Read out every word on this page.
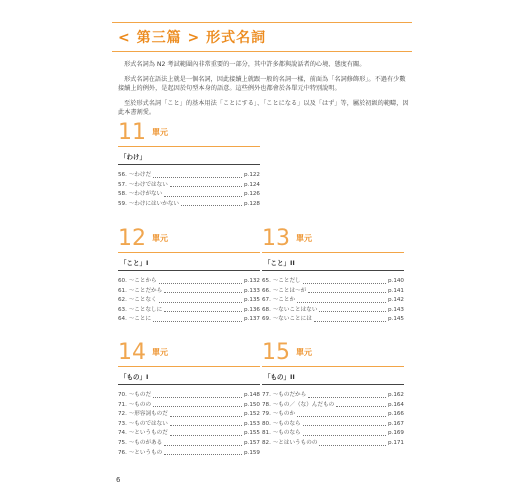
< 第三篇 > 形式名詞

形式名詞為 N2 考試範圍內非常重要的一部分，其中許多都與說話者的心境、態度有關。

形式名詞在語法上就是一個名詞，因此接續上就跟一般的名詞一樣，前面為「名詞修飾形」。不過有少數接續上的例外，是起因於句型本身的語意。這些例外也都會於各單元中特別說明。

至於形式名詞「こと」的基本用法「ことにする」、「ことになる」以及「はず」等，屬於初級的範疇，因此本書割愛。

11 單元
「わけ」
56. ～わけだ	p.122
57. ～わけではない	p.124
58. ～わけがない	p.126
59. ～わけにはいかない	p.128
12 單元
「こと」I
60. ～ことから	p.132
61. ～ことだから	p.133
62. ～ことなく	p.135
63. ～ことなしに	p.136
64. ～ことに	p.137
13 單元
「こと」II
65. ～ことだし	p.140
66. ～ことは～が	p.141
67. ～ことか	p.142
68. ～ないことはない	p.143
69. ～ないことには	p.145
14 單元
「もの」I
70. ～ものだ	p.148
71. ～ものの	p.150
72. ～形容詞ものだ	p.152
73. ～ものではない	p.153
74. ～というものだ	p.155
75. ～ものがある	p.157
76. ～というもの	p.159
15 單元
「もの」II
77. ～ものだから	p.162
78. ～もの／（な）んだもの	p.164
79. ～ものか	p.166
80. ～ものなら	p.167
81. ～ものなら	p.169
82. ～とはいうものの	p.171
6
